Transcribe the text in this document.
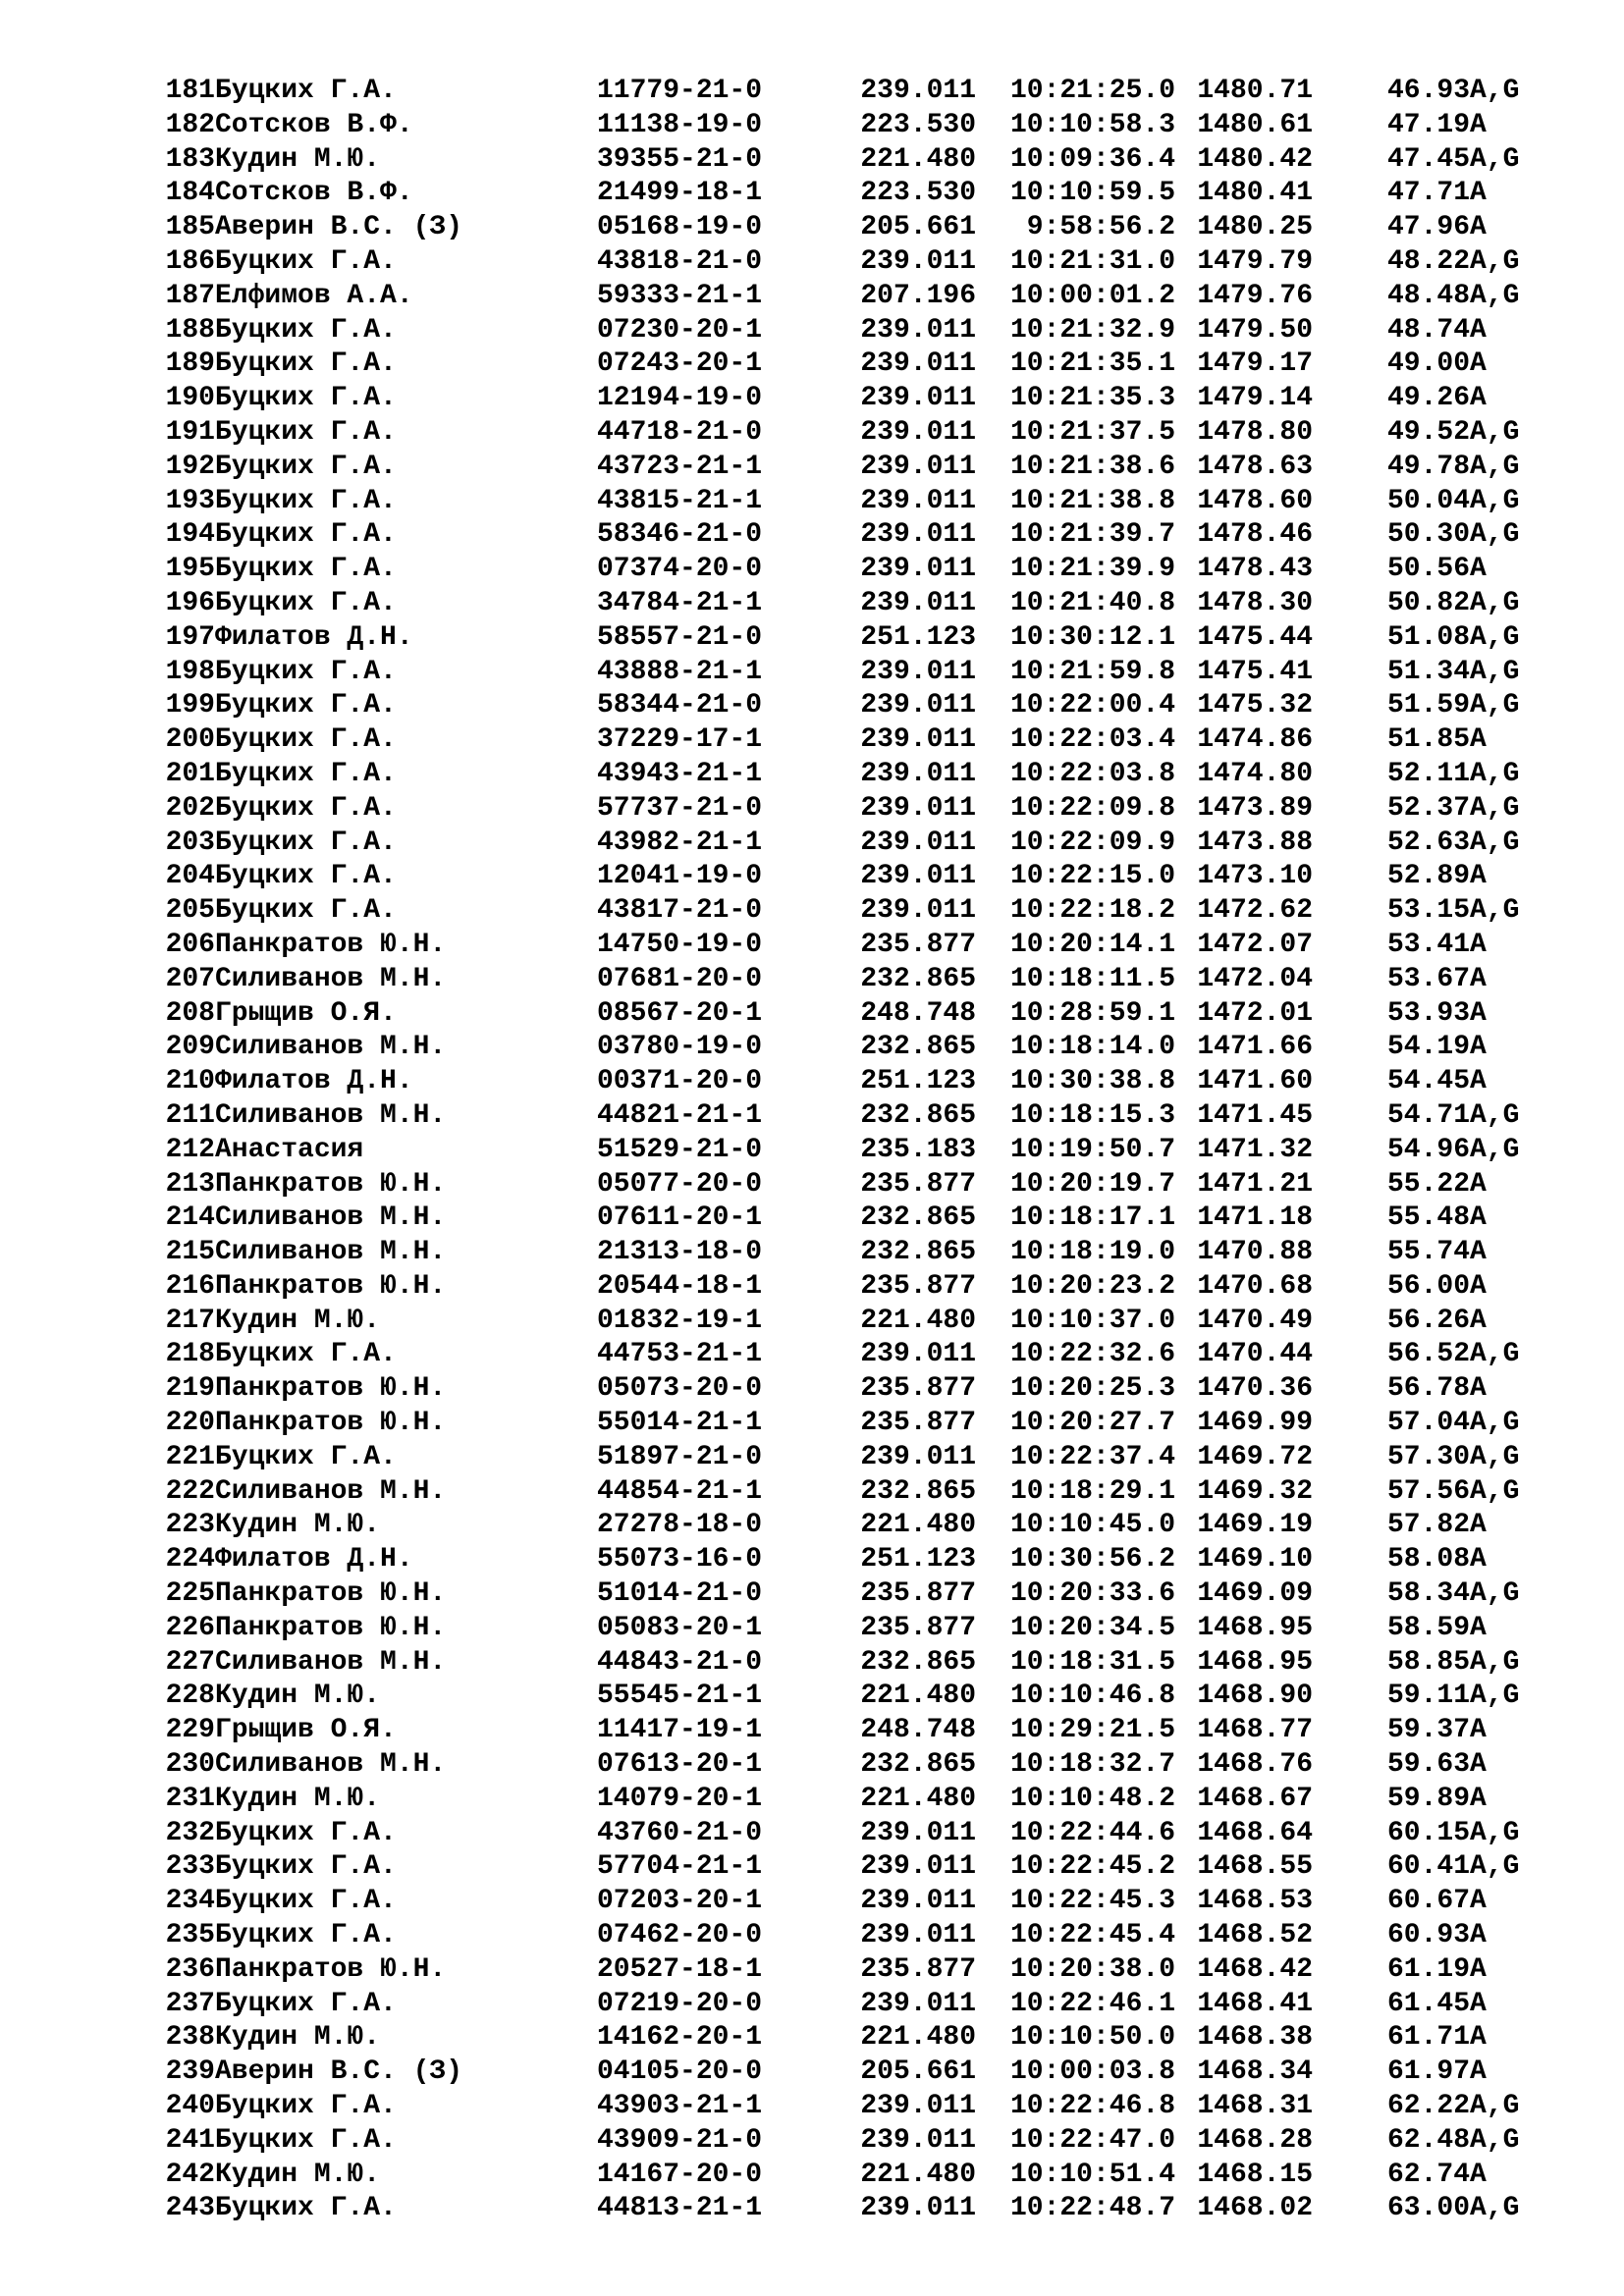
181Буцких Г.А.	11779-21-0	239.011 10:21:25.0 1480.71	46.93A,G
182Сотсков В.Ф.	11138-19-0	223.530 10:10:58.3 1480.61	47.19A
183Кудин М.Ю.	39355-21-0	221.480 10:09:36.4 1480.42	47.45A,G
184Сотсков В.Ф.	21499-18-1	223.530 10:10:59.5 1480.41	47.71A
185Аверин В.С. (З)	05168-19-0	205.661 9:58:56.2 1480.25	47.96A
186Буцких Г.А.	43818-21-0	239.011 10:21:31.0 1479.79	48.22A,G
187Елфимов А.А.	59333-21-1	207.196 10:00:01.2 1479.76	48.48A,G
188Буцких Г.А.	07230-20-1	239.011 10:21:32.9 1479.50	48.74A
189Буцких Г.А.	07243-20-1	239.011 10:21:35.1 1479.17	49.00A
190Буцких Г.А.	12194-19-0	239.011 10:21:35.3 1479.14	49.26A
191Буцких Г.А.	44718-21-0	239.011 10:21:37.5 1478.80	49.52A,G
192Буцких Г.А.	43723-21-1	239.011 10:21:38.6 1478.63	49.78A,G
193Буцких Г.А.	43815-21-1	239.011 10:21:38.8 1478.60	50.04A,G
194Буцких Г.А.	58346-21-0	239.011 10:21:39.7 1478.46	50.30A,G
195Буцких Г.А.	07374-20-0	239.011 10:21:39.9 1478.43	50.56A
196Буцких Г.А.	34784-21-1	239.011 10:21:40.8 1478.30	50.82A,G
197Филатов Д.Н.	58557-21-0	251.123 10:30:12.1 1475.44	51.08A,G
198Буцких Г.А.	43888-21-1	239.011 10:21:59.8 1475.41	51.34A,G
199Буцких Г.А.	58344-21-0	239.011 10:22:00.4 1475.32	51.59A,G
200Буцких Г.А.	37229-17-1	239.011 10:22:03.4 1474.86	51.85A
201Буцких Г.А.	43943-21-1	239.011 10:22:03.8 1474.80	52.11A,G
202Буцких Г.А.	57737-21-0	239.011 10:22:09.8 1473.89	52.37A,G
203Буцких Г.А.	43982-21-1	239.011 10:22:09.9 1473.88	52.63A,G
204Буцких Г.А.	12041-19-0	239.011 10:22:15.0 1473.10	52.89A
205Буцких Г.А.	43817-21-0	239.011 10:22:18.2 1472.62	53.15A,G
206Панкратов Ю.Н.	14750-19-0	235.877 10:20:14.1 1472.07	53.41A
207Силиванов М.Н.	07681-20-0	232.865 10:18:11.5 1472.04	53.67A
208Грыщив О.Я.	08567-20-1	248.748 10:28:59.1 1472.01	53.93A
209Силиванов М.Н.	03780-19-0	232.865 10:18:14.0 1471.66	54.19A
210Филатов Д.Н.	00371-20-0	251.123 10:30:38.8 1471.60	54.45A
211Силиванов М.Н.	44821-21-1	232.865 10:18:15.3 1471.45	54.71A,G
212Анастасия	51529-21-0	235.183 10:19:50.7 1471.32	54.96A,G
213Панкратов Ю.Н.	05077-20-0	235.877 10:20:19.7 1471.21	55.22A
214Силиванов М.Н.	07611-20-1	232.865 10:18:17.1 1471.18	55.48A
215Силиванов М.Н.	21313-18-0	232.865 10:18:19.0 1470.88	55.74A
216Панкратов Ю.Н.	20544-18-1	235.877 10:20:23.2 1470.68	56.00A
217Кудин М.Ю.	01832-19-1	221.480 10:10:37.0 1470.49	56.26A
218Буцких Г.А.	44753-21-1	239.011 10:22:32.6 1470.44	56.52A,G
219Панкратов Ю.Н.	05073-20-0	235.877 10:20:25.3 1470.36	56.78A
220Панкратов Ю.Н.	55014-21-1	235.877 10:20:27.7 1469.99	57.04A,G
221Буцких Г.А.	51897-21-0	239.011 10:22:37.4 1469.72	57.30A,G
222Силиванов М.Н.	44854-21-1	232.865 10:18:29.1 1469.32	57.56A,G
223Кудин М.Ю.	27278-18-0	221.480 10:10:45.0 1469.19	57.82A
224Филатов Д.Н.	55073-16-0	251.123 10:30:56.2 1469.10	58.08A
225Панкратов Ю.Н.	51014-21-0	235.877 10:20:33.6 1469.09	58.34A,G
226Панкратов Ю.Н.	05083-20-1	235.877 10:20:34.5 1468.95	58.59A
227Силиванов М.Н.	44843-21-0	232.865 10:18:31.5 1468.95	58.85A,G
228Кудин М.Ю.	55545-21-1	221.480 10:10:46.8 1468.90	59.11A,G
229Грыщив О.Я.	11417-19-1	248.748 10:29:21.5 1468.77	59.37A
230Силиванов М.Н.	07613-20-1	232.865 10:18:32.7 1468.76	59.63A
231Кудин М.Ю.	14079-20-1	221.480 10:10:48.2 1468.67	59.89A
232Буцких Г.А.	43760-21-0	239.011 10:22:44.6 1468.64	60.15A,G
233Буцких Г.А.	57704-21-1	239.011 10:22:45.2 1468.55	60.41A,G
234Буцких Г.А.	07203-20-1	239.011 10:22:45.3 1468.53	60.67A
235Буцких Г.А.	07462-20-0	239.011 10:22:45.4 1468.52	60.93A
236Панкратов Ю.Н.	20527-18-1	235.877 10:20:38.0 1468.42	61.19A
237Буцких Г.А.	07219-20-0	239.011 10:22:46.1 1468.41	61.45A
238Кудин М.Ю.	14162-20-1	221.480 10:10:50.0 1468.38	61.71A
239Аверин В.С. (З)	04105-20-0	205.661 10:00:03.8 1468.34	61.97A
240Буцких Г.А.	43903-21-1	239.011 10:22:46.8 1468.31	62.22A,G
241Буцких Г.А.	43909-21-0	239.011 10:22:47.0 1468.28	62.48A,G
242Кудин М.Ю.	14167-20-0	221.480 10:10:51.4 1468.15	62.74A
243Буцких Г.А.	44813-21-1	239.011 10:22:48.7 1468.02	63.00A,G
